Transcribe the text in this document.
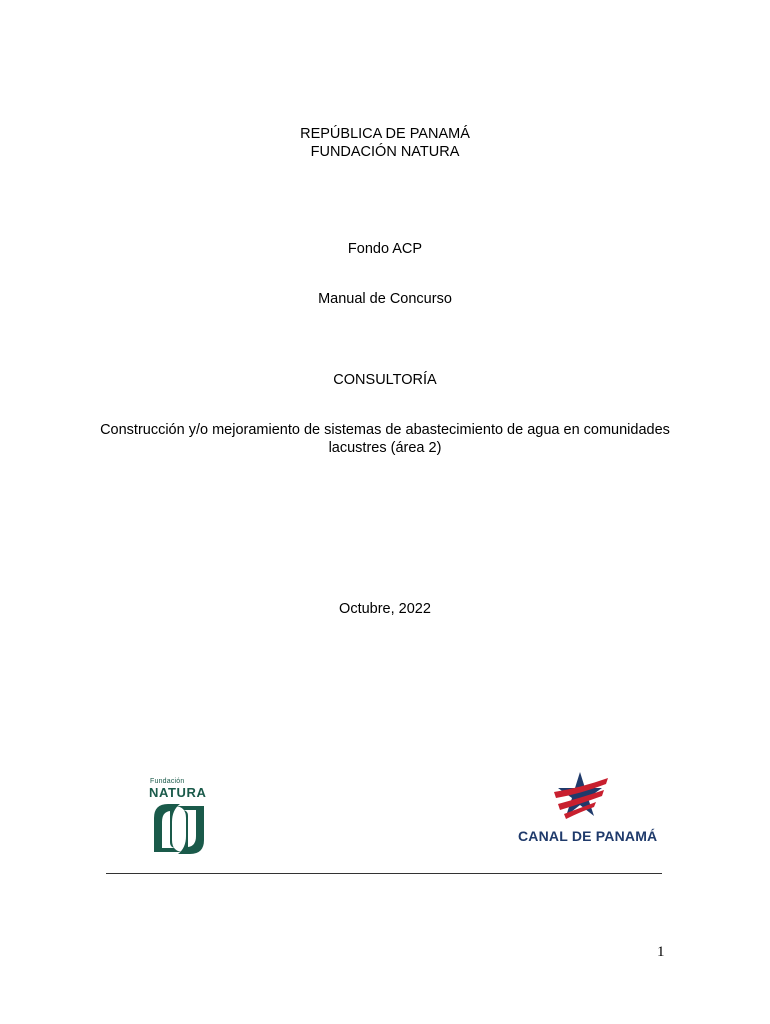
REPÚBLICA DE PANAMÁ
FUNDACIÓN NATURA
Fondo ACP
Manual de Concurso
CONSULTORÍA
Construcción y/o mejoramiento de sistemas de abastecimiento de agua en comunidades
lacustres (área 2)
Octubre, 2022
Fundación
NATURA
CANAL DE PANAMÁ
1
